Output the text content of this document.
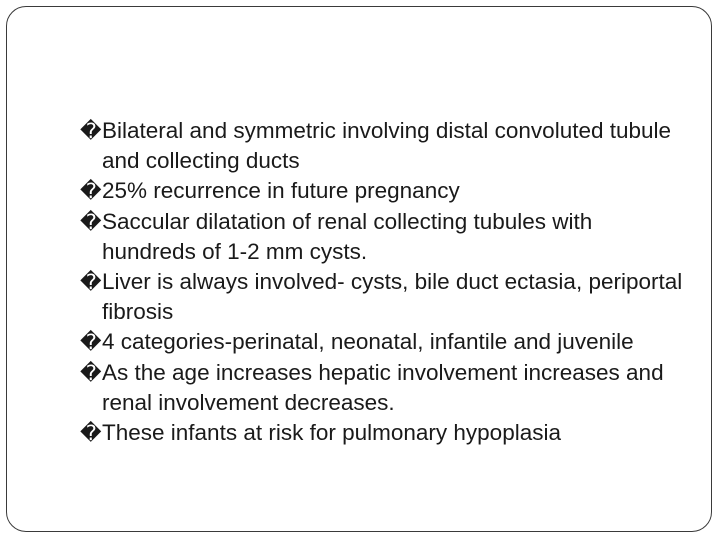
� Bilateral and symmetric involving distal convoluted tubule and collecting ducts
� 25% recurrence in future pregnancy
� Saccular dilatation of renal collecting tubules with hundreds of 1-2 mm cysts.
� Liver is always involved- cysts, bile duct ectasia, periportal fibrosis
� 4 categories-perinatal, neonatal, infantile and juvenile
� As the age increases hepatic involvement increases and renal involvement decreases.
� These infants at risk for pulmonary hypoplasia
